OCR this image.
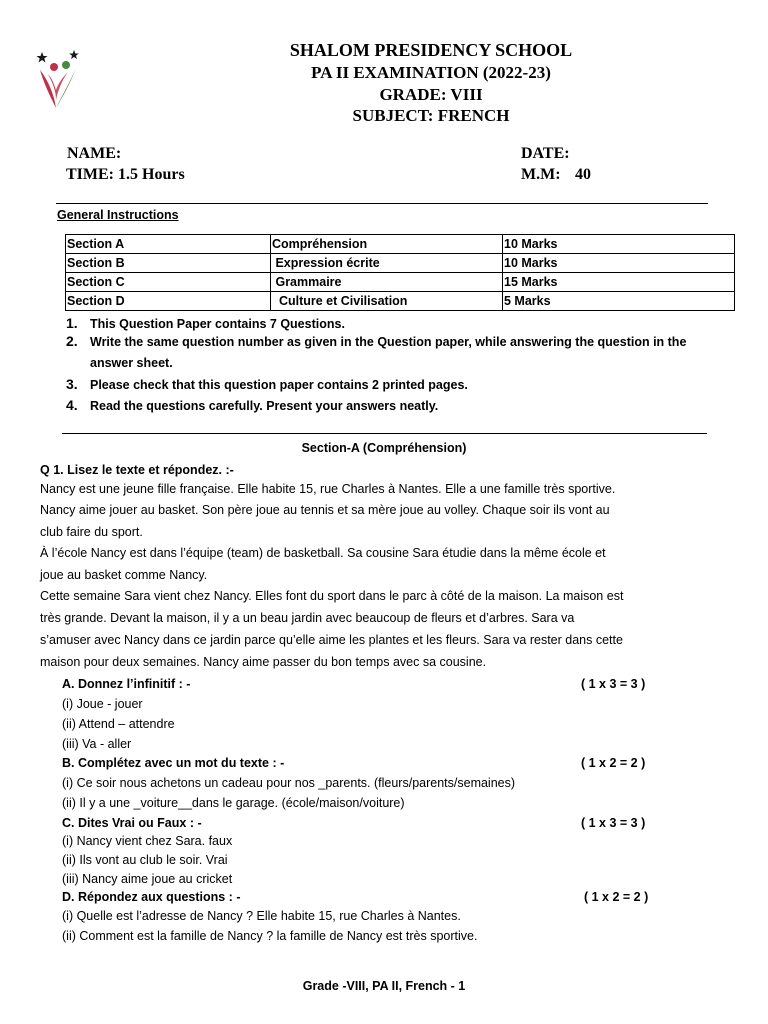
SHALOM PRESIDENCY SCHOOL
PA II EXAMINATION (2022-23)
GRADE: VIII
SUBJECT: FRENCH
NAME:
TIME: 1.5 Hours
DATE:
M.M: 40
General Instructions
Section A	Compréhension	10 Marks
Section B	Expression écrite	10 Marks
Section C	Grammaire	15 Marks
Section D	Culture et Civilisation	5 Marks
1. This Question Paper contains 7 Questions.
2. Write the same question number as given in the Question paper, while answering the question in the
answer sheet.
3. Please check that this question paper contains 2 printed pages.
4. Read the questions carefully. Present your answers neatly.
Section-A (Compréhension)
Q 1. Lisez le texte et répondez. :-
Nancy est une jeune fille française. Elle habite 15, rue Charles à Nantes. Elle a une famille très sportive.
Nancy aime jouer au basket. Son père joue au tennis et sa mère joue au volley. Chaque soir ils vont au
club faire du sport.
À l’école Nancy est dans l’équipe (team) de basketball. Sa cousine Sara étudie dans la même école et
joue au basket comme Nancy.
Cette semaine Sara vient chez Nancy. Elles font du sport dans le parc à côté de la maison. La maison est
très grande. Devant la maison, il y a un beau jardin avec beaucoup de fleurs et d’arbres. Sara va
s’amuser avec Nancy dans ce jardin parce qu’elle aime les plantes et les fleurs. Sara va rester dans cette
maison pour deux semaines. Nancy aime passer du bon temps avec sa cousine.
A. Donnez l’infinitif : -	( 1 x 3 = 3 )
(i) Joue - jouer
(ii) Attend – attendre
(iii) Va - aller
B. Complétez avec un mot du texte : -	( 1 x 2 = 2 )
(i) Ce soir nous achetons un cadeau pour nos _parents. (fleurs/parents/semaines)
(ii) Il y a une _voiture__dans le garage. (école/maison/voiture)
C. Dites Vrai ou Faux : -	( 1 x 3 = 3 )
(i) Nancy vient chez Sara. faux
(ii) Ils vont au club le soir. Vrai
(iii) Nancy aime joue au cricket
D. Répondez aux questions : -	( 1 x 2 = 2 )
(i) Quelle est l’adresse de Nancy ? Elle habite 15, rue Charles à Nantes.
(ii) Comment est la famille de Nancy ? la famille de Nancy est très sportive.
Grade -VIII, PA II, French - 1
